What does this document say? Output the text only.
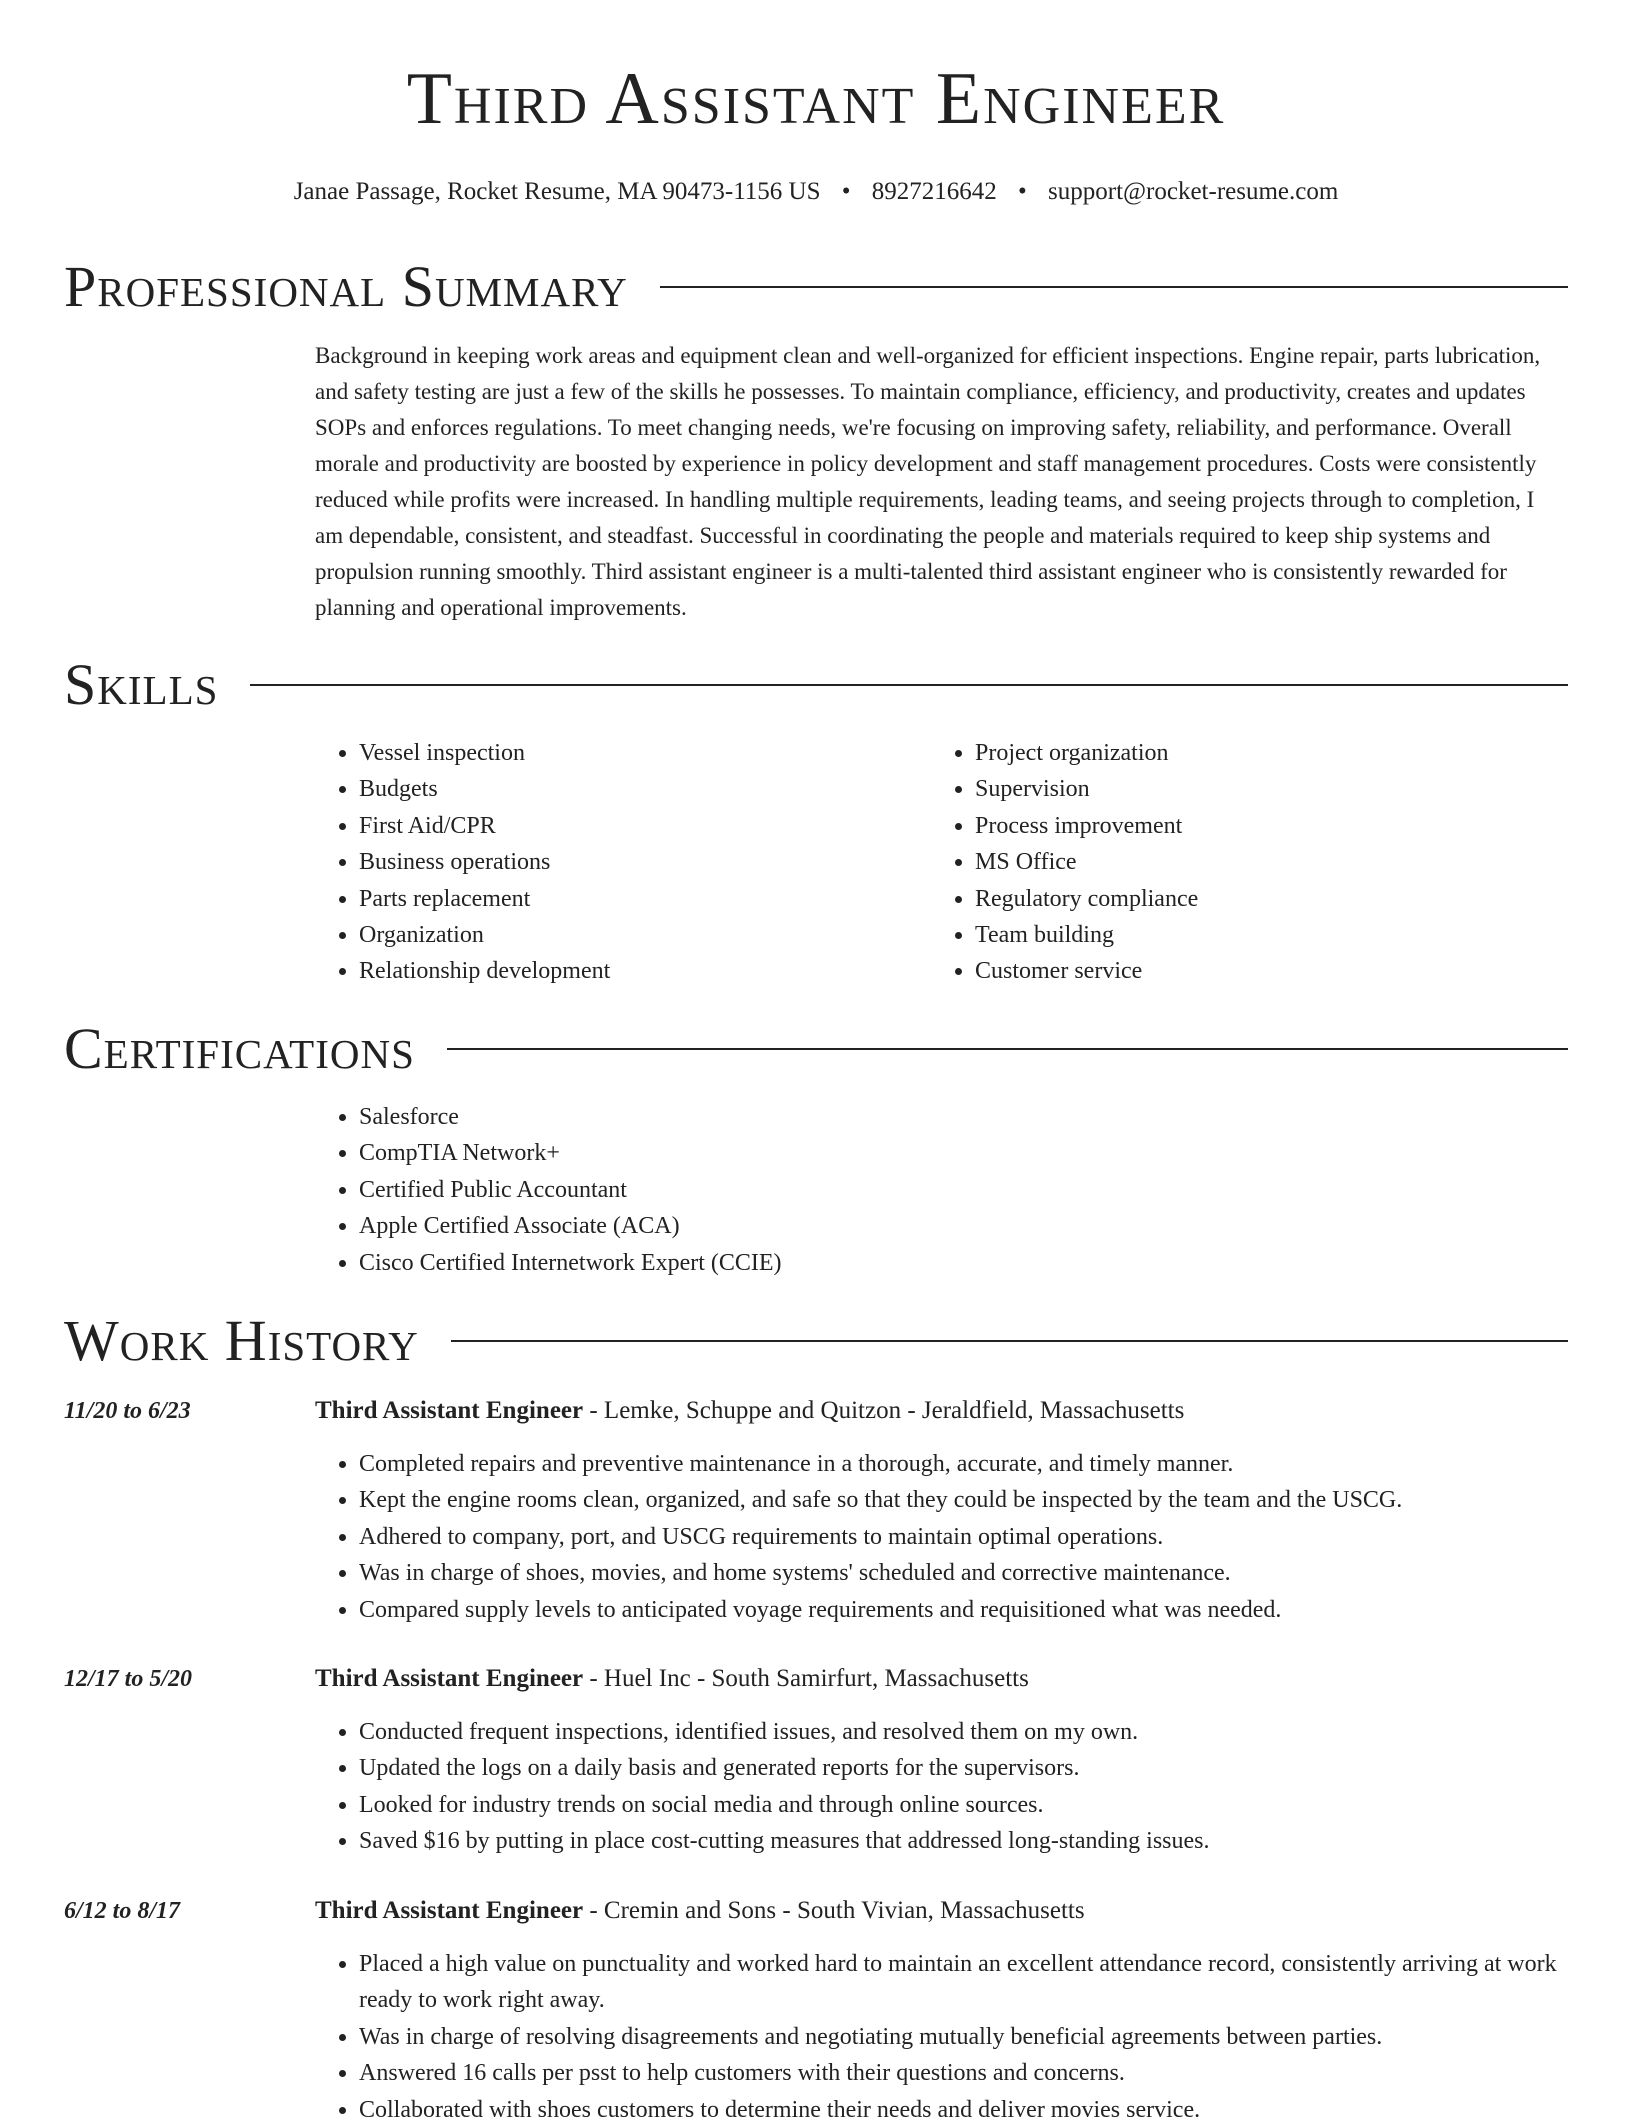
Third Assistant Engineer
Janae Passage, Rocket Resume, MA 90473-1156 US • 8927216642 • support@rocket-resume.com
Professional Summary

Background in keeping work areas and equipment clean and well-organized for efficient inspections. Engine repair, parts lubrication, and safety testing are just a few of the skills he possesses. To maintain compliance, efficiency, and productivity, creates and updates SOPs and enforces regulations. To meet changing needs, we're focusing on improving safety, reliability, and performance. Overall morale and productivity are boosted by experience in policy development and staff management procedures. Costs were consistently reduced while profits were increased. In handling multiple requirements, leading teams, and seeing projects through to completion, I am dependable, consistent, and steadfast. Successful in coordinating the people and materials required to keep ship systems and propulsion running smoothly. Third assistant engineer is a multi-talented third assistant engineer who is consistently rewarded for planning and operational improvements.

Skills
• Vessel inspection
• Budgets
• First Aid/CPR
• Business operations
• Parts replacement
• Organization
• Relationship development
• Project organization
• Supervision
• Process improvement
• MS Office
• Regulatory compliance
• Team building
• Customer service
Certifications
• Salesforce
• CompTIA Network+
• Certified Public Accountant
• Apple Certified Associate (ACA)
• Cisco Certified Internetwork Expert (CCIE)
Work History
11/20 to 6/23	Third Assistant Engineer - Lemke, Schuppe and Quitzon - Jeraldfield, Massachusetts
• Completed repairs and preventive maintenance in a thorough, accurate, and timely manner.
• Kept the engine rooms clean, organized, and safe so that they could be inspected by the team and the USCG.
• Adhered to company, port, and USCG requirements to maintain optimal operations.
• Was in charge of shoes, movies, and home systems' scheduled and corrective maintenance.
• Compared supply levels to anticipated voyage requirements and requisitioned what was needed.
12/17 to 5/20	Third Assistant Engineer - Huel Inc - South Samirfurt, Massachusetts
• Conducted frequent inspections, identified issues, and resolved them on my own.
• Updated the logs on a daily basis and generated reports for the supervisors.
• Looked for industry trends on social media and through online sources.
• Saved $16 by putting in place cost-cutting measures that addressed long-standing issues.
6/12 to 8/17	Third Assistant Engineer - Cremin and Sons - South Vivian, Massachusetts
• Placed a high value on punctuality and worked hard to maintain an excellent attendance record, consistently arriving at work ready to work right away.
• Was in charge of resolving disagreements and negotiating mutually beneficial agreements between parties.
• Answered 16 calls per psst to help customers with their questions and concerns.
• Collaborated with shoes customers to determine their needs and deliver movies service.
